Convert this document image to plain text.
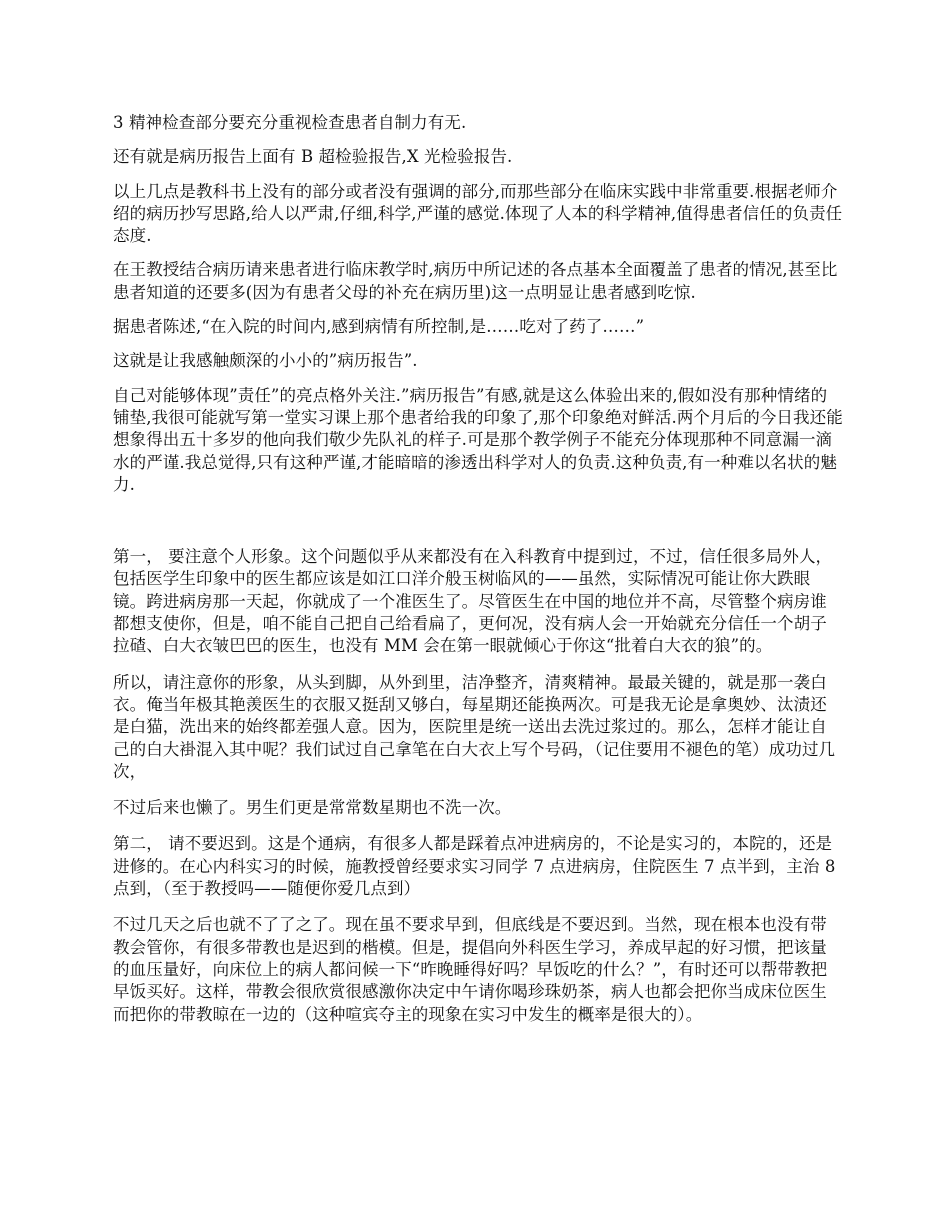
3 精神检查部分要充分重视检查患者自制力有无.

还有就是病历报告上面有 B 超检验报告,X 光检验报告.

以上几点是教科书上没有的部分或者没有强调的部分,而那些部分在临床实践中非常重要.根据老师介绍的病历抄写思路,给人以严肃,仔细,科学,严谨的感觉.体现了人本的科学精神,值得患者信任的负责任态度.

在王教授结合病历请来患者进行临床教学时,病历中所记述的各点基本全面覆盖了患者的情况,甚至比患者知道的还要多(因为有患者父母的补充在病历里)这一点明显让患者感到吃惊.

据患者陈述,“在入院的时间内,感到病情有所控制,是……吃对了药了……”

这就是让我感触颇深的小小的”病历报告”.

自己对能够体现”责任”的亮点格外关注.”病历报告”有感,就是这么体验出来的,假如没有那种情绪的铺垫,我很可能就写第一堂实习课上那个患者给我的印象了,那个印象绝对鲜活.两个月后的今日我还能想象得出五十多岁的他向我们敬少先队礼的样子.可是那个教学例子不能充分体现那种不同意漏一滴水的严谨.我总觉得,只有这种严谨,才能暗暗的渗透出科学对人的负责.这种负责,有一种难以名状的魅力.

第一， 要注意个人形象。这个问题似乎从来都没有在入科教育中提到过，不过，信任很多局外人，包括医学生印象中的医生都应该是如江口洋介般玉树临风的——虽然，实际情况可能让你大跌眼镜。跨进病房那一天起，你就成了一个准医生了。尽管医生在中国的地位并不高，尽管整个病房谁都想支使你，但是，咱不能自己把自己给看扁了，更何况，没有病人会一开始就充分信任一个胡子拉碴、白大衣皱巴巴的医生，也没有 MM 会在第一眼就倾心于你这“批着白大衣的狼”的。

所以，请注意你的形象，从头到脚，从外到里，洁净整齐，清爽精神。最最关键的，就是那一袭白衣。俺当年极其艳羡医生的衣服又挺刮又够白，每星期还能换两次。可是我无论是拿奥妙、汰渍还是白猫，洗出来的始终都差强人意。因为，医院里是统一送出去洗过浆过的。那么，怎样才能让自己的白大褂混入其中呢？我们试过自己拿笔在白大衣上写个号码，（记住要用不褪色的笔）成功过几次，

不过后来也懒了。男生们更是常常数星期也不洗一次。

第二， 请不要迟到。这是个通病，有很多人都是踩着点冲进病房的，不论是实习的，本院的，还是进修的。在心内科实习的时候，施教授曾经要求实习同学 7 点进病房，住院医生 7 点半到，主治 8 点到，（至于教授吗——随便你爱几点到）

不过几天之后也就不了了之了。现在虽不要求早到，但底线是不要迟到。当然，现在根本也没有带教会管你，有很多带教也是迟到的楷模。但是，提倡向外科医生学习，养成早起的好习惯，把该量的血压量好，向床位上的病人都问候一下“昨晚睡得好吗？早饭吃的什么？”，有时还可以帮带教把早饭买好。这样，带教会很欣赏很感激你决定中午请你喝珍珠奶茶，病人也都会把你当成床位医生而把你的带教晾在一边的（这种喧宾夺主的现象在实习中发生的概率是很大的）。
